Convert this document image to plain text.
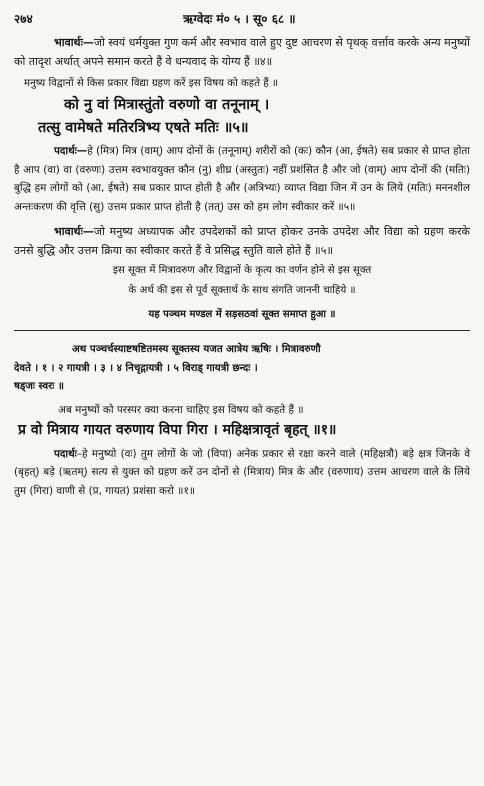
२७४	ऋग्वेदः मं० ५ । सू० ६८ ॥

भावार्थः—जो स्वयं धर्मयुक्त गुण कर्म और स्वभाव वाले हुए दुष्ट आचरण से पृथक् वर्त्ताव करके अन्य मनुष्यों को तादृश अर्थात् अपने समान करते हैं वे धन्यवाद के योग्य हैं ॥४॥

मनुष्य विद्वानों से किस प्रकार विद्या ग्रहण करें इस विषय को कहते हैं ॥

को नु वां मित्रास्तुंतो वरुणो वा तनूनाम् ।

तत्सु वामेषते मतिरत्रिभ्य एषते मतिः ॥५॥

पदार्थः—हे (मित्र) मित्र (वाम्) आप दोनों के (तनूनाम्) शरीरों को (कः) कौन (आ, ईषते) सब प्रकार से प्राप्त होता है आप (वा) वा (वरुणः) उत्तम स्वभावयुक्त कौन (नु) शीघ्र (अस्तुतः) नहीं प्रशंसित है और जो (वाम्) आप दोनों की (मतिः) बुद्धि हम लोगों को (आ, ईषते) सब प्रकार प्राप्त होती है और (अत्रिभ्यः) व्याप्त विद्या जिन में उन के लिये (मतिः) मननशील अन्तःकरण की वृत्ति (सु) उत्तम प्रकार प्राप्त होती है (तत्) उस को हम लोग स्वीकार करें ॥५॥

भावार्थः—जो मनुष्य अध्यापक और उपदेशकों को प्राप्त होकर उनके उपदेश और विद्या को ग्रहण करके उनसे बुद्धि और उत्तम क्रिया का स्वीकार करते हैं वे प्रसिद्ध स्तुति वाले होते हैं ॥५॥

इस सूक्त में मित्रावरुण और विद्वानों के कृत्य का वर्णन होने से इस सूक्त

के अर्थ की इस से पूर्व सूक्तार्थ के साथ संगति जाननी चाहिये ॥

यह पञ्चम मण्डल में सड़सठवां सूक्त समाप्त हुआ ॥

अथ पञ्चर्चस्याष्टषष्टितमस्य सूक्तस्य यजत आत्रेय ऋषिः । मित्रावरुणौ

देवते । १ । २ गायत्री । ३ । ४ निचृद्गायत्री । ५ विराड् गायत्री छन्दः ।

षड्जः स्वरः ॥

अब मनुष्यों को परस्पर क्या करना चाहिए इस विषय को कहते हैं ॥

प्र वो मित्राय गायत वरुणाय विपा गिरा । महिक्षत्रावृतं बृहत् ॥१॥

पदार्थः–हे मनुष्यो (वः) तुम लोगों के जो (विपा) अनेक प्रकार से रक्षा करने वाले (महिक्षत्रौ) बड़े क्षत्र जिनके वे (बृहत्) बड़े (ऋतम्) सत्य से युक्त को ग्रहण करें उन दोनों से (मित्राय) मित्र के और (वरुणाय) उत्तम आचरण वाले के लिये तुम (गिरा) वाणी से (प्र, गायत) प्रशंसा करो ॥१॥
